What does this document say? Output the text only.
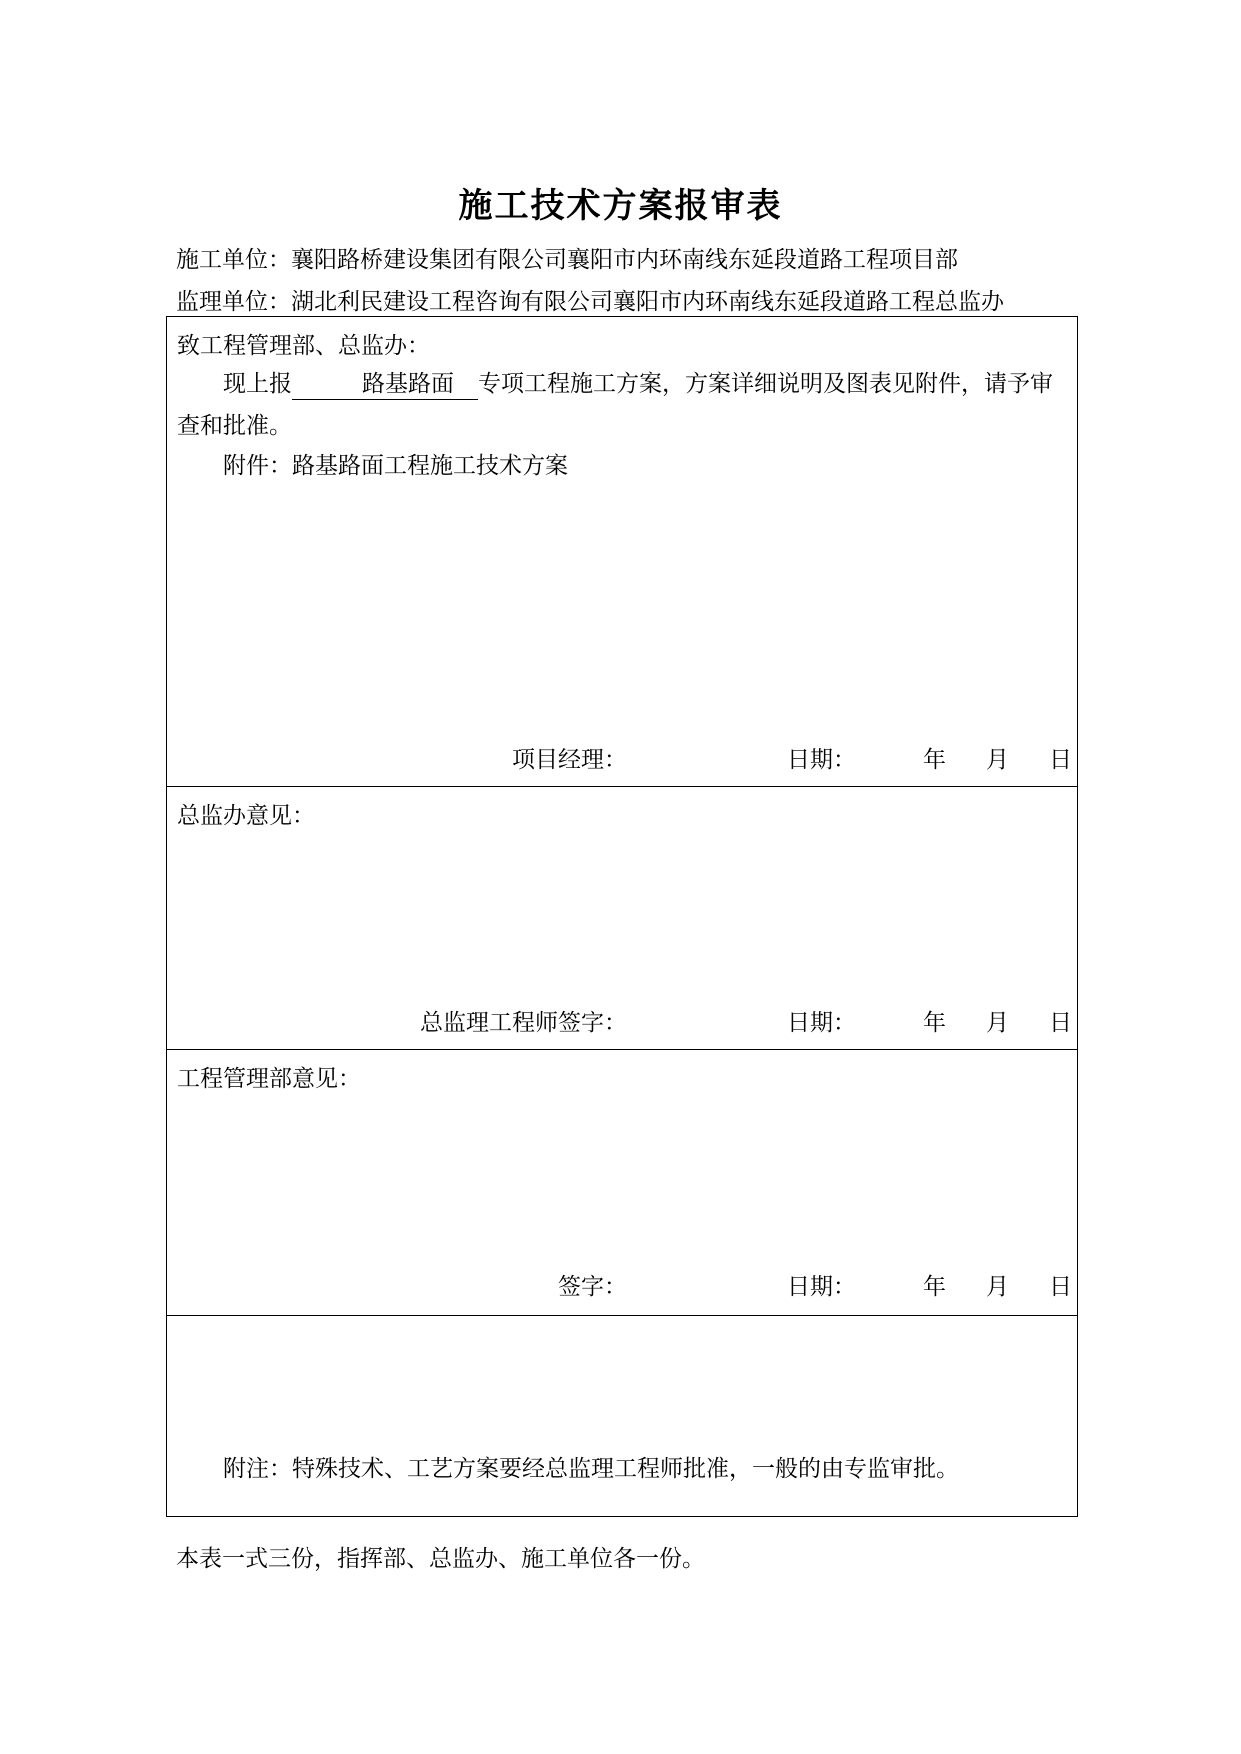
施工技术方案报审表
施工单位：襄阳路桥建设集团有限公司襄阳市内环南线东延段道路工程项目部
监理单位：湖北利民建设工程咨询有限公司襄阳市内环南线东延段道路工程总监办
致工程管理部、总监办：
现上报	路基路面 专项工程施工方案，方案详细说明及图表见附件，请予审查和批准。
附件：路基路面工程施工技术方案
项目经理：	日期：	年 月 日
总监办意见：
总监理工程师签字：	日期：	年 月 日
工程管理部意见：
签字：	日期：	年 月 日
附注：特殊技术、工艺方案要经总监理工程师批准，一般的由专监审批。
本表一式三份，指挥部、总监办、施工单位各一份。
